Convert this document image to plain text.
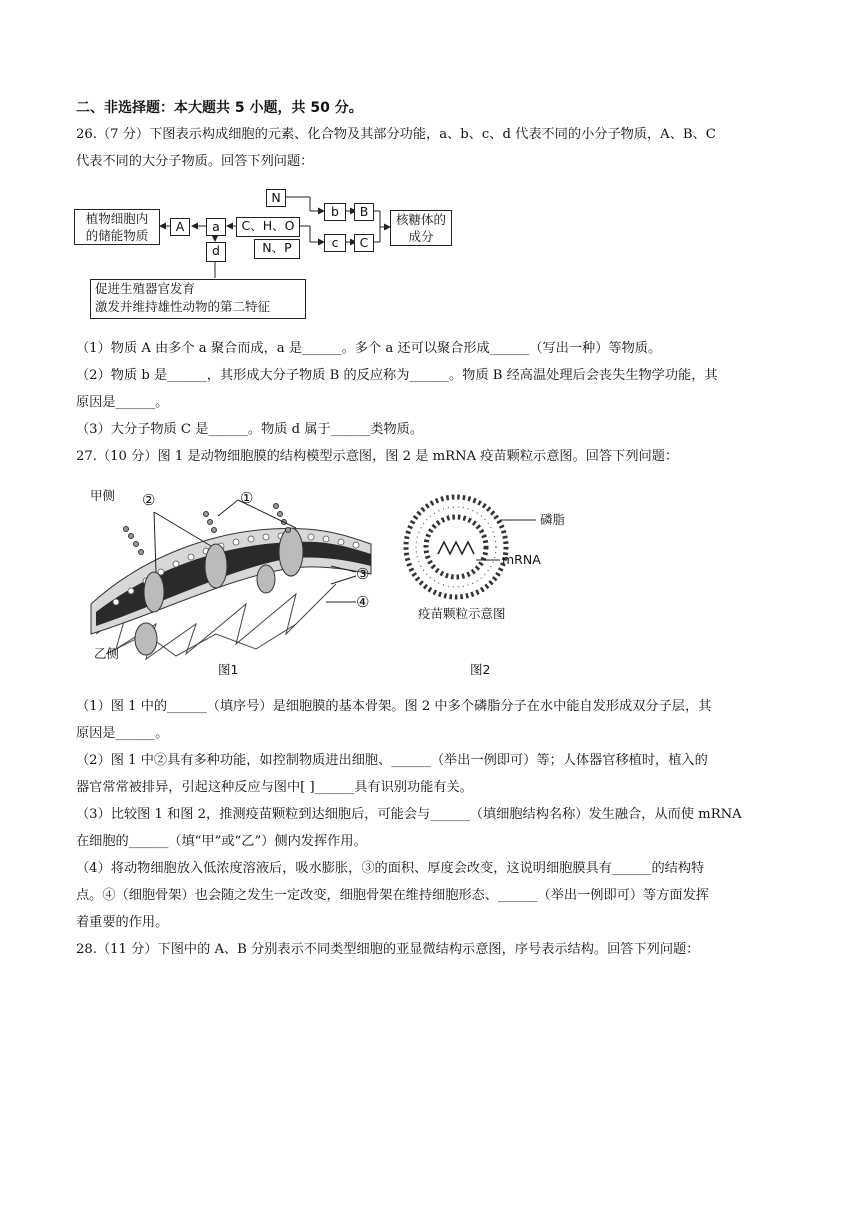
二、非选择题：本大题共 5 小题，共 50 分。
26.（7 分）下图表示构成细胞的元素、化合物及其部分功能，a、b、c、d 代表不同的小分子物质，A、B、C
代表不同的大分子物质。回答下列问题：
植物细胞内
的储能物质
A	a	C、H、O
N
N、P
b	B
c	C
核糖体的
成分
d
促进生殖器官发育
激发并维持雄性动物的第二特征
（1）物质 A 由多个 a 聚合而成，a 是______。多个 a 还可以聚合形成______（写出一种）等物质。
（2）物质 b 是______，其形成大分子物质 B 的反应称为______。物质 B 经高温处理后会丧失生物学功能，其
原因是______。
（3）大分子物质 C 是______。物质 d 属于______类物质。
27.（10 分）图 1 是动物细胞膜的结构模型示意图，图 2 是 mRNA 疫苗颗粒示意图。回答下列问题：
甲侧 ②	①
③
④
乙侧
图1
磷脂
mRNA
疫苗颗粒示意图
图2
（1）图 1 中的______（填序号）是细胞膜的基本骨架。图 2 中多个磷脂分子在水中能自发形成双分子层，其
原因是______。
（2）图 1 中②具有多种功能，如控制物质进出细胞、______（举出一例即可）等；人体器官移植时，植入的
器官常常被排异，引起这种反应与图中[ ]______具有识别功能有关。
（3）比较图 1 和图 2，推测疫苗颗粒到达细胞后，可能会与______（填细胞结构名称）发生融合，从而使 mRNA
在细胞的______（填“甲”或“乙”）侧内发挥作用。
（4）将动物细胞放入低浓度溶液后，吸水膨胀，③的面积、厚度会改变，这说明细胞膜具有______的结构特
点。④（细胞骨架）也会随之发生一定改变，细胞骨架在维持细胞形态、______（举出一例即可）等方面发挥
着重要的作用。
28.（11 分）下图中的 A、B 分别表示不同类型细胞的亚显微结构示意图，序号表示结构。回答下列问题：
